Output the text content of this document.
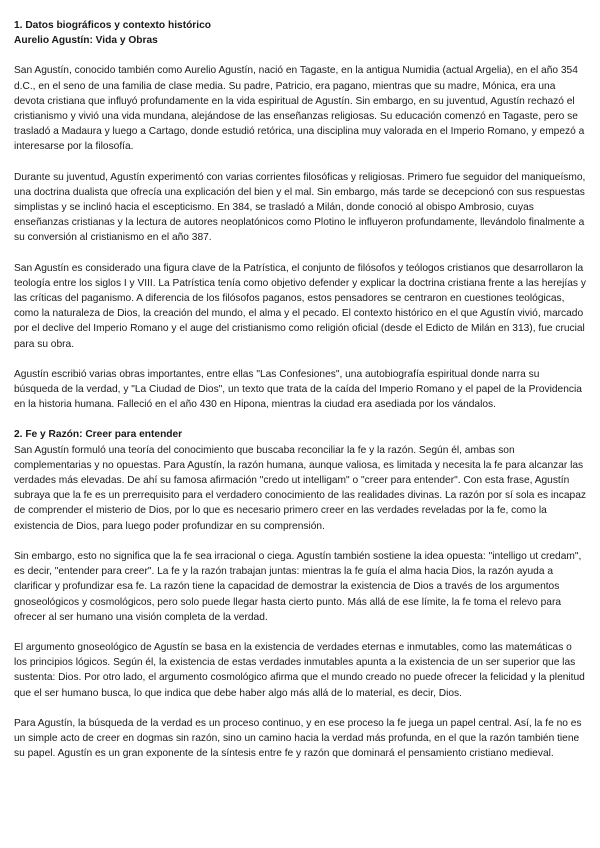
1. Datos biográficos y contexto histórico
Aurelio Agustín: Vida y Obras

San Agustín, conocido también como Aurelio Agustín, nació en Tagaste, en la antigua Numidia (actual Argelia), en el año 354 d.C., en el seno de una familia de clase media. Su padre, Patricio, era pagano, mientras que su madre, Mónica, era una devota cristiana que influyó profundamente en la vida espiritual de Agustín. Sin embargo, en su juventud, Agustín rechazó el cristianismo y vivió una vida mundana, alejándose de las enseñanzas religiosas. Su educación comenzó en Tagaste, pero se trasladó a Madaura y luego a Cartago, donde estudió retórica, una disciplina muy valorada en el Imperio Romano, y empezó a interesarse por la filosofía.

Durante su juventud, Agustín experimentó con varias corrientes filosóficas y religiosas. Primero fue seguidor del maniqueísmo, una doctrina dualista que ofrecía una explicación del bien y el mal. Sin embargo, más tarde se decepcionó con sus respuestas simplistas y se inclinó hacia el escepticismo. En 384, se trasladó a Milán, donde conoció al obispo Ambrosio, cuyas enseñanzas cristianas y la lectura de autores neoplatónicos como Plotino le influyeron profundamente, llevándolo finalmente a su conversión al cristianismo en el año 387.

San Agustín es considerado una figura clave de la Patrística, el conjunto de filósofos y teólogos cristianos que desarrollaron la teología entre los siglos I y VIII. La Patrística tenía como objetivo defender y explicar la doctrina cristiana frente a las herejías y las críticas del paganismo. A diferencia de los filósofos paganos, estos pensadores se centraron en cuestiones teológicas, como la naturaleza de Dios, la creación del mundo, el alma y el pecado. El contexto histórico en el que Agustín vivió, marcado por el declive del Imperio Romano y el auge del cristianismo como religión oficial (desde el Edicto de Milán en 313), fue crucial para su obra.

Agustín escribió varias obras importantes, entre ellas "Las Confesiones", una autobiografía espiritual donde narra su búsqueda de la verdad, y "La Ciudad de Dios", un texto que trata de la caída del Imperio Romano y el papel de la Providencia en la historia humana. Falleció en el año 430 en Hipona, mientras la ciudad era asediada por los vándalos.

2. Fe y Razón: Creer para entender

San Agustín formuló una teoría del conocimiento que buscaba reconciliar la fe y la razón. Según él, ambas son complementarias y no opuestas. Para Agustín, la razón humana, aunque valiosa, es limitada y necesita la fe para alcanzar las verdades más elevadas. De ahí su famosa afirmación "credo ut intelligam" o "creer para entender". Con esta frase, Agustín subraya que la fe es un prerrequisito para el verdadero conocimiento de las realidades divinas. La razón por sí sola es incapaz de comprender el misterio de Dios, por lo que es necesario primero creer en las verdades reveladas por la fe, como la existencia de Dios, para luego poder profundizar en su comprensión.

Sin embargo, esto no significa que la fe sea irracional o ciega. Agustín también sostiene la idea opuesta: "intelligo ut credam", es decir, "entender para creer". La fe y la razón trabajan juntas: mientras la fe guía el alma hacia Dios, la razón ayuda a clarificar y profundizar esa fe. La razón tiene la capacidad de demostrar la existencia de Dios a través de los argumentos gnoseológicos y cosmológicos, pero solo puede llegar hasta cierto punto. Más allá de ese límite, la fe toma el relevo para ofrecer al ser humano una visión completa de la verdad.

El argumento gnoseológico de Agustín se basa en la existencia de verdades eternas e inmutables, como las matemáticas o los principios lógicos. Según él, la existencia de estas verdades inmutables apunta a la existencia de un ser superior que las sustenta: Dios. Por otro lado, el argumento cosmológico afirma que el mundo creado no puede ofrecer la felicidad y la plenitud que el ser humano busca, lo que indica que debe haber algo más allá de lo material, es decir, Dios.

Para Agustín, la búsqueda de la verdad es un proceso continuo, y en ese proceso la fe juega un papel central. Así, la fe no es un simple acto de creer en dogmas sin razón, sino un camino hacia la verdad más profunda, en el que la razón también tiene su papel. Agustín es un gran exponente de la síntesis entre fe y razón que dominará el pensamiento cristiano medieval.
